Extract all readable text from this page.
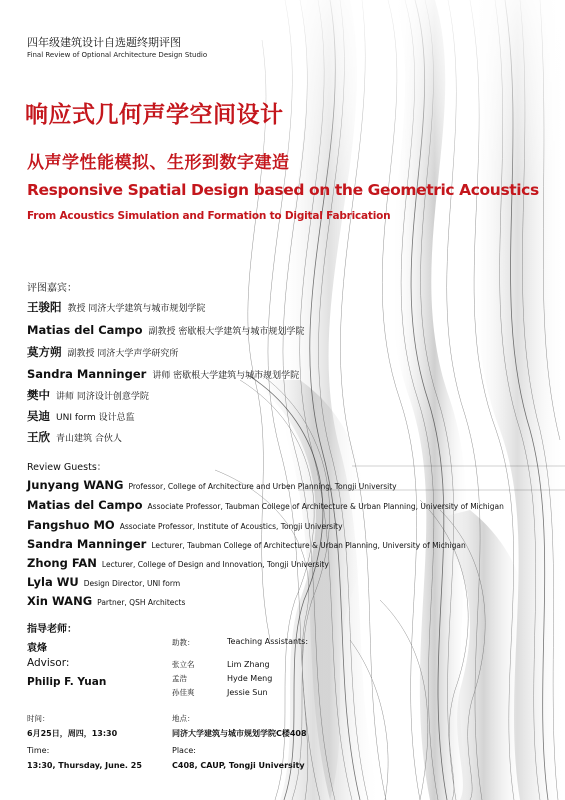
四年级建筑设计自选题终期评图
Final Review of Optional Architecture Design Studio
响应式几何声学空间设计
从声学性能模拟、生形到数字建造
Responsive Spatial Design based on the Geometric Acoustics
From Acoustics Simulation and Formation to Digital Fabrication
评图嘉宾：
王骏阳 教授 同济大学建筑与城市规划学院
Matias del Campo 副教授 密歇根大学建筑与城市规划学院
莫方朔 副教授 同济大学声学研究所
Sandra Manninger 讲师 密歇根大学建筑与城市规划学院
樊中 讲师 同济设计创意学院
吴迪 UNI form 设计总监
王欣 青山建筑 合伙人
Review Guests：
Junyang WANG Professor, College of Architecture and Urben Planning, Tongji University
Matias del Campo Associate Professor, Taubman College of Architecture & Urban Planning, University of Michigan
Fangshuo MO Associate Professor, Institute of Acoustics, Tongji University
Sandra Manninger Lecturer, Taubman College of Architecture & Urban Planning, University of Michigan
Zhong FAN Lecturer, College of Design and Innovation, Tongji University
Lyla WU Design Director, UNI form
Xin WANG Partner, QSH Architects
指导老师：
袁烽
Advisor:
Philip F. Yuan
助教：	Teaching Assistants:
张立名	Lim Zhang
孟浩	Hyde Meng
孙佳爽	Jessie Sun
时间：
6月25日，周四，13:30
Time:
13:30, Thursday, June. 25
地点：
同济大学建筑与城市规划学院C楼408
Place:
C408, CAUP, Tongji University
